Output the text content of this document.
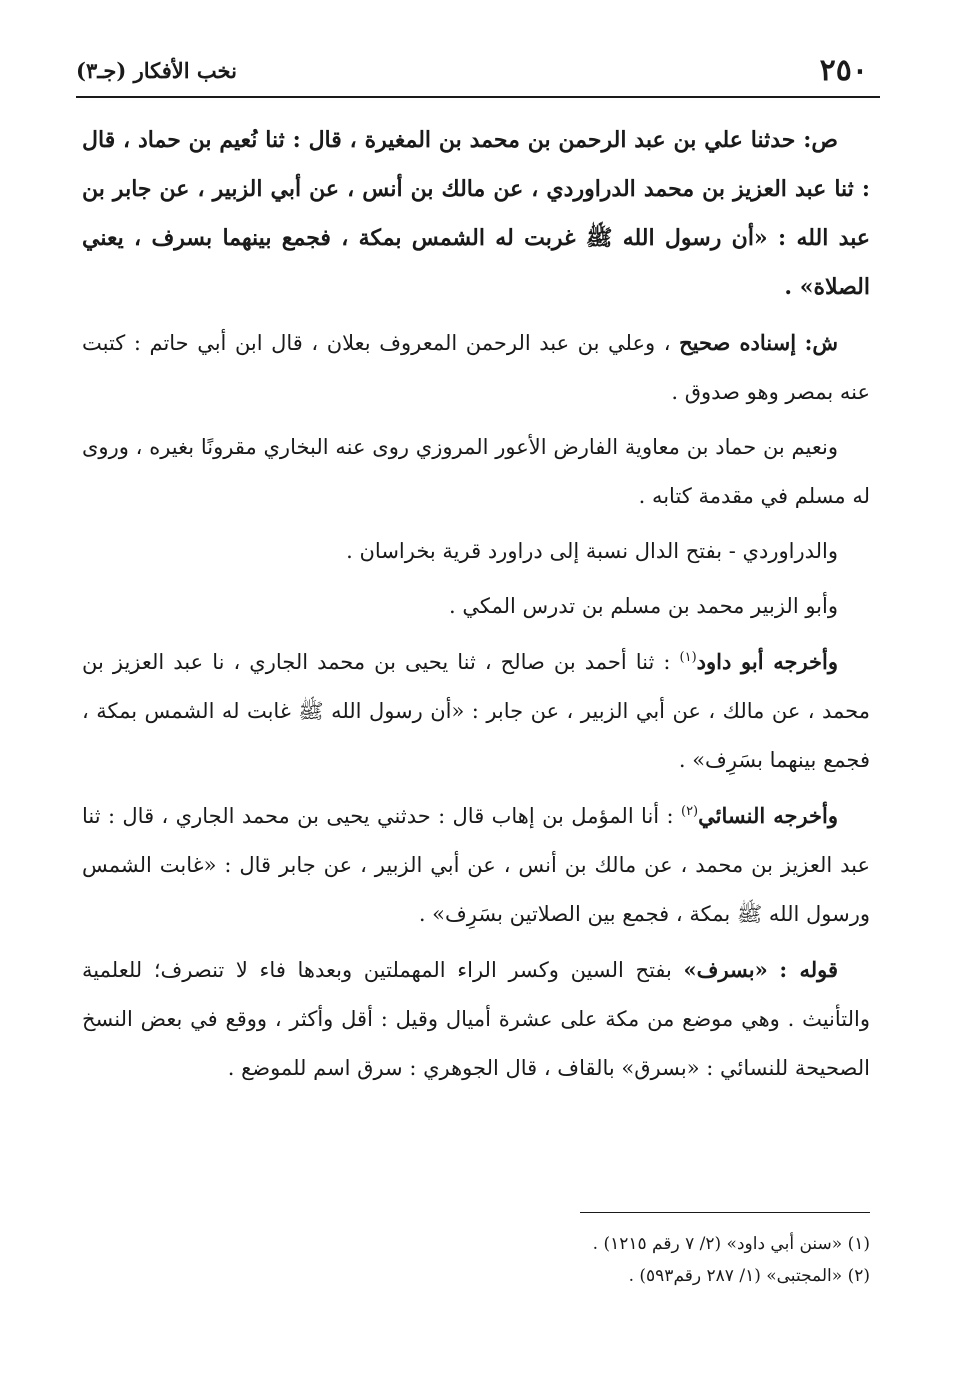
٢٥٠
نخب الأفكار (جـ٣)

ص: حدثنا علي بن عبد الرحمن بن محمد بن المغيرة ، قال : ثنا نُعيم بن حماد ، قال : ثنا عبد العزيز بن محمد الدراوردي ، عن مالك بن أنس ، عن أبي الزبير ، عن جابر بن عبد الله : «أن رسول الله ﷺ غربت له الشمس بمكة ، فجمع بينهما بسرف ، يعني الصلاة» .

ش: إسناده صحيح ، وعلي بن عبد الرحمن المعروف بعلان ، قال ابن أبي حاتم : كتبت عنه بمصر وهو صدوق .

ونعيم بن حماد بن معاوية الفارض الأعور المروزي روى عنه البخاري مقرونًا بغيره ، وروى له مسلم في مقدمة كتابه .

والدراوردي - بفتح الدال نسبة إلى دراورد قرية بخراسان .

وأبو الزبير محمد بن مسلم بن تدرس المكي .

وأخرجه أبو داود$^{(١)}$ : ثنا أحمد بن صالح ، ثنا يحيى بن محمد الجاري ، نا عبد العزيز بن محمد ، عن مالك ، عن أبي الزبير ، عن جابر : «أن رسول الله ﷺ غابت له الشمس بمكة ، فجمع بينهما بسَرِف» .

وأخرجه النسائي$^{(٢)}$ : أنا المؤمل بن إهاب قال : حدثني يحيى بن محمد الجاري ، قال : ثنا عبد العزيز بن محمد ، عن مالك بن أنس ، عن أبي الزبير ، عن جابر قال : «غابت الشمس ورسول الله ﷺ بمكة ، فجمع بين الصلاتين بسَرِف» .

قوله : «بسرف» بفتح السين وكسر الراء المهملتين وبعدها فاء لا تنصرف؛ للعلمية والتأنيث . وهي موضع من مكة على عشرة أميال وقيل : أقل وأكثر ، ووقع في بعض النسخ الصحيحة للنسائي : «بسرق» بالقاف ، قال الجوهري : سرق اسم للموضع .

(١) «سنن أبي داود» (٢/ ٧ رقم ١٢١٥) .

(٢) «المجتبى» (١/ ٢٨٧ رقم٥٩٣) .
